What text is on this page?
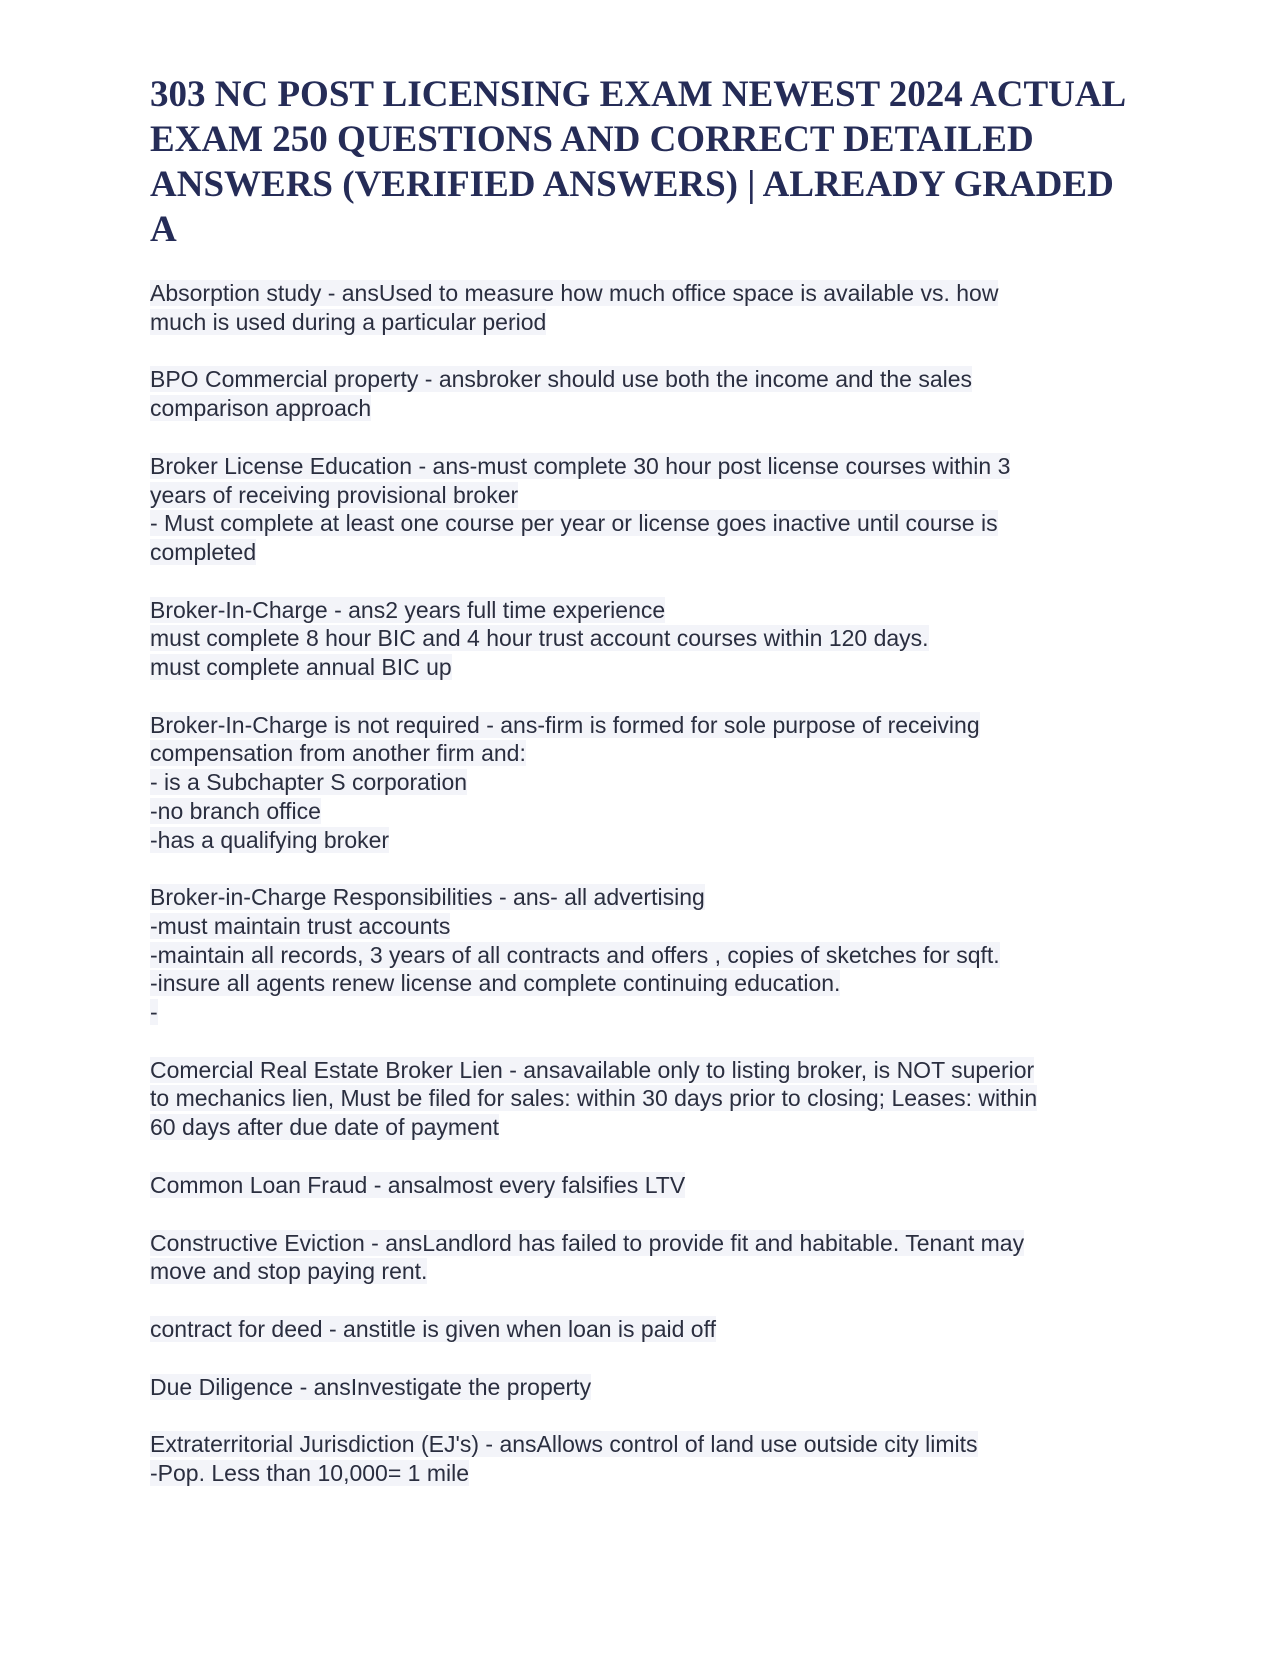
303 NC POST LICENSING EXAM NEWEST 2024 ACTUAL EXAM 250 QUESTIONS AND CORRECT DETAILED ANSWERS (VERIFIED ANSWERS) | ALREADY GRADED A
Absorption study - ansUsed to measure how much office space is available vs. how
much is used during a particular period
BPO Commercial property - ansbroker should use both the income and the sales
comparison approach
Broker License Education - ans-must complete 30 hour post license courses within 3
years of receiving provisional broker
- Must complete at least one course per year or license goes inactive until course is
completed
Broker-In-Charge - ans2 years full time experience
must complete 8 hour BIC and 4 hour trust account courses within 120 days.
must complete annual BIC up
Broker-In-Charge is not required - ans-firm is formed for sole purpose of receiving
compensation from another firm and:
- is a Subchapter S corporation
-no branch office
-has a qualifying broker
Broker-in-Charge Responsibilities - ans- all advertising
-must maintain trust accounts
-maintain all records, 3 years of all contracts and offers , copies of sketches for sqft.
-insure all agents renew license and complete continuing education.
-
Comercial Real Estate Broker Lien - ansavailable only to listing broker, is NOT superior
to mechanics lien, Must be filed for sales: within 30 days prior to closing; Leases: within
60 days after due date of payment
Common Loan Fraud - ansalmost every falsifies LTV
Constructive Eviction - ansLandlord has failed to provide fit and habitable. Tenant may
move and stop paying rent.
contract for deed - anstitle is given when loan is paid off
Due Diligence - ansInvestigate the property
Extraterritorial Jurisdiction (EJ's) - ansAllows control of land use outside city limits
-Pop. Less than 10,000= 1 mile
